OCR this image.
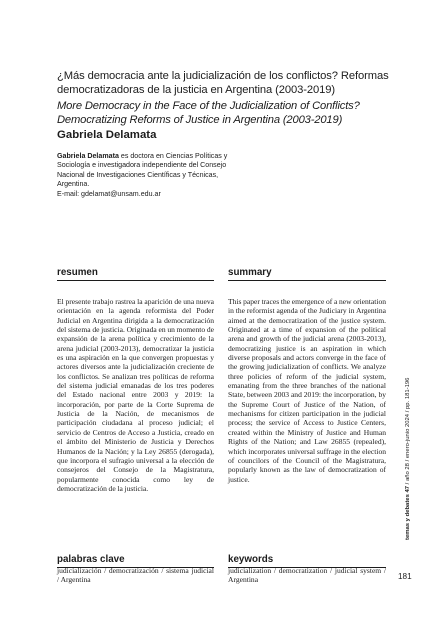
¿Más democracia ante la judicialización de los conflictos? Reformas democratizadoras de la justicia en Argentina (2003-2019)
More Democracy in the Face of the Judicialization of Conflicts? Democratizing Reforms of Justice in Argentina (2003-2019)

Gabriela Delamata

Gabriela Delamata es doctora en Ciencias Políticas y Sociología e investigadora independiente del Consejo Nacional de Investigaciones Científicas y Técnicas, Argentina.

E-mail: gdelamat@unsam.edu.ar

resumen

El presente trabajo rastrea la aparición de una nueva orientación en la agenda reformista del Poder Judicial en Argentina dirigida a la democratización del sistema de justicia. Originada en un momento de expansión de la arena política y crecimiento de la arena judicial (2003-2013), democratizar la justicia es una aspiración en la que convergen propuestas y actores diversos ante la judicialización creciente de los conflictos. Se analizan tres políticas de reforma del sistema judicial emanadas de los tres poderes del Estado nacional entre 2003 y 2019: la incorporación, por parte de la Corte Suprema de Justicia de la Nación, de mecanismos de participación ciudadana al proceso judicial; el servicio de Centros de Acceso a Justicia, creado en el ámbito del Ministerio de Justicia y Derechos Humanos de la Nación; y la Ley 26855 (derogada), que incorpora el sufragio universal a la elección de consejeros del Consejo de la Magistratura, popularmente conocida como ley de democratización de la justicia.

summary

This paper traces the emergence of a new orientation in the reformist agenda of the Judiciary in Argentina aimed at the democratization of the justice system. Originated at a time of expansion of the political arena and growth of the judicial arena (2003-2013), democratizing justice is an aspiration in which diverse proposals and actors converge in the face of the growing judicialization of conflicts. We analyze three policies of reform of the judicial system, emanating from the three branches of the national State, between 2003 and 2019: the incorporation, by the Supreme Court of Justice of the Nation, of mechanisms for citizen participation in the judicial process; the service of Access to Justice Centers, created within the Ministry of Justice and Human Rights of the Nation; and Law 26855 (repealed), which incorporates universal suffrage in the election of councilors of the Council of the Magistratura, popularly known as the law of democratization of justice.

palabras clave

judicialización / democratización / sistema judicial / Argentina

keywords

judicialization / democratization / judicial system / Argentina

temas y debates 47 / año 28 / enero-junio 2024 / pp. 181-196

181
